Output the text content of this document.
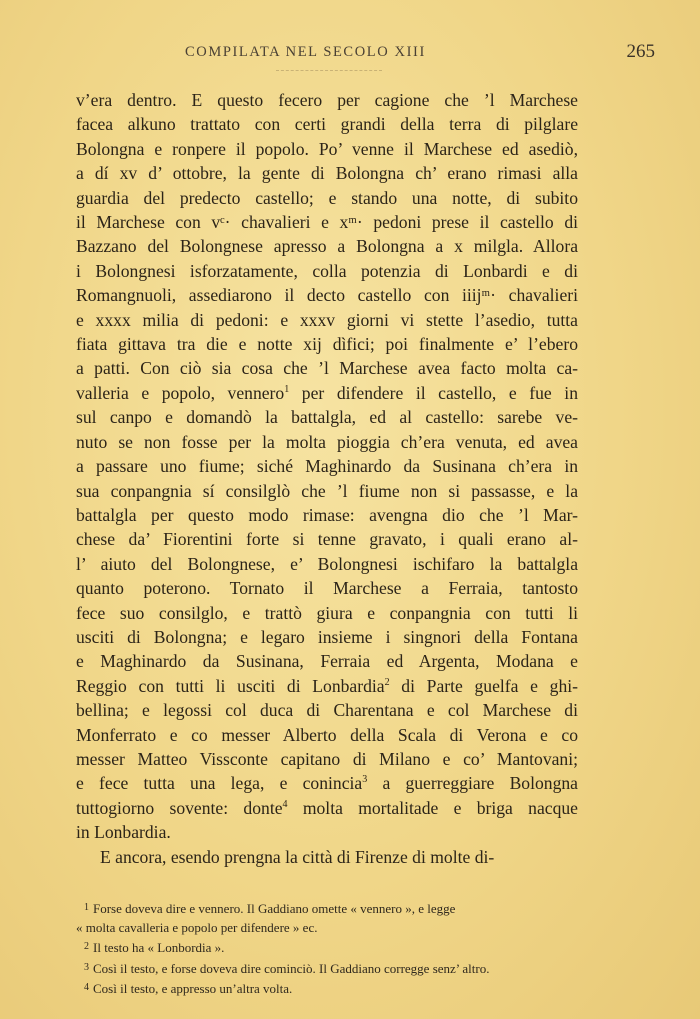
COMPILATA NEL SECOLO XIII	265
v’era dentro. E questo fecero per cagione che ’l Marchese
facea alkuno trattato con certi grandi della terra di pilglare
Bolongna e ronpere il popolo. Po’ venne il Marchese ed asediò,
a dí xv d’ ottobre, la gente di Bolongna ch’ erano rimasi alla
guardia del predecto castello; e stando una notte, di subito
il Marchese con vᶜ· chavalieri e xᵐ· pedoni prese il castello di
Bazzano del Bolongnese apresso a Bolongna a x milgla. Allora
i Bolongnesi isforzatamente, colla potenzia di Lonbardi e di
Romangnuoli, assediarono il decto castello con iiijᵐ· chavalieri
e xxxx milia di pedoni: e xxxv giorni vi stette l’asedio, tutta
fiata gittava tra die e notte xij dìfici; poi finalmente e’ l’ebero
a patti. Con ciò sia cosa che ’l Marchese avea facto molta ca-
valleria e popolo, vennero$^1$ per difendere il castello, e fue in
sul canpo e domandò la battalgla, ed al castello: sarebe ve-
nuto se non fosse per la molta pioggia ch’era venuta, ed avea
a passare uno fiume; siché Maghinardo da Susinana ch’era in
sua conpangnia sí consilglò che ’l fiume non si passasse, e la
battalgla per questo modo rimase: avengna dio che ’l Mar-
chese da’ Fiorentini forte si tenne gravato, i quali erano al-
l’ aiuto del Bolongnese, e’ Bolongnesi ischifaro la battalgla
quanto poterono. Tornato il Marchese a Ferraia, tantosto
fece suo consilglo, e trattò giura e conpangnia con tutti li
usciti di Bolongna; e legaro insieme i singnori della Fontana
e Maghinardo da Susinana, Ferraia ed Argenta, Modana e
Reggio con tutti li usciti di Lonbardia$^2$ di Parte guelfa e ghi-
bellina; e legossi col duca di Charentana e col Marchese di
Monferrato e co messer Alberto della Scala di Verona e co
messer Matteo Vissconte capitano di Milano e co’ Mantovani;
e fece tutta una lega, e conincia$^3$ a guerreggiare Bolongna
tuttogiorno sovente: donte$^4$ molta mortalitade e briga nacque
in Lonbardia.
E ancora, esendo prengna la città di Firenze di molte di-
$^1$ Forse doveva dire e vennero. Il Gaddiano omette « vennero », e legge
« molta cavalleria e popolo per difendere » ec.
$^2$ Il testo ha « Lonbordia ».
$^3$ Così il testo, e forse doveva dire cominciò. Il Gaddiano corregge senz’ altro.
$^4$ Così il testo, e appresso un’altra volta.
